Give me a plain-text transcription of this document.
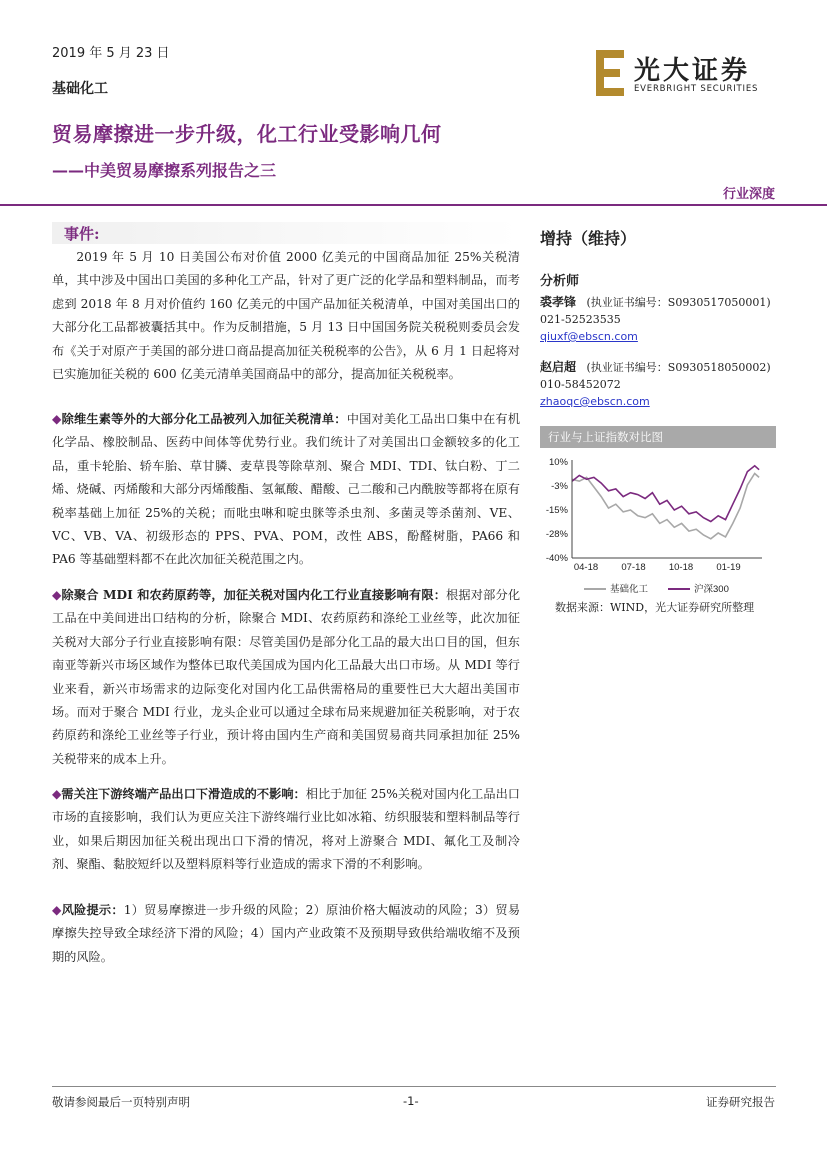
2019 年 5 月 23 日
基础化工
贸易摩擦进一步升级，化工行业受影响几何
——中美贸易摩擦系列报告之三
行业深度
光大证券
EVERBRIGHT SECURITIES
事件:

2019 年 5 月 10 日美国公布对价值 2000 亿美元的中国商品加征 25%关税清单，其中涉及中国出口美国的多种化工产品，针对了更广泛的化学品和塑料制品，而考虑到 2018 年 8 月对价值约 160 亿美元的中国产品加征关税清单，中国对美国出口的大部分化工品都被囊括其中。作为反制措施，5 月 13 日中国国务院关税税则委员会发布《关于对原产于美国的部分进口商品提高加征关税税率的公告》，从 6 月 1 日起将对已实施加征关税的 600 亿美元清单美国商品中的部分，提高加征关税税率。

◆除维生素等外的大部分化工品被列入加征关税清单：中国对美化工品出口集中在有机化学品、橡胶制品、医药中间体等优势行业。我们统计了对美国出口金额较多的化工品，重卡轮胎、轿车胎、草甘膦、麦草畏等除草剂、聚合 MDI、TDI、钛白粉、丁二烯、烧碱、丙烯酸和大部分丙烯酸酯、氢氟酸、醋酸、己二酸和己内酰胺等都将在原有税率基础上加征 25%的关税；而吡虫啉和啶虫脒等杀虫剂、多菌灵等杀菌剂、VE、VC、VB、VA、初级形态的 PPS、PVA、POM，改性 ABS，酚醛树脂，PA66 和 PA6 等基础塑料都不在此次加征关税范围之内。

◆除聚合 MDI 和农药原药等，加征关税对国内化工行业直接影响有限：根据对部分化工品在中美间进出口结构的分析，除聚合 MDI、农药原药和涤纶工业丝等，此次加征关税对大部分子行业直接影响有限：尽管美国仍是部分化工品的最大出口目的国，但东南亚等新兴市场区域作为整体已取代美国成为国内化工品最大出口市场。从 MDI 等行业来看，新兴市场需求的边际变化对国内化工品供需格局的重要性已大大超出美国市场。而对于聚合 MDI 行业，龙头企业可以通过全球布局来规避加征关税影响，对于农药原药和涤纶工业丝等子行业，预计将由国内生产商和美国贸易商共同承担加征 25%关税带来的成本上升。

◆需关注下游终端产品出口下滑造成的不影响：相比于加征 25%关税对国内化工品出口市场的直接影响，我们认为更应关注下游终端行业比如冰箱、纺织服装和塑料制品等行业，如果后期因加征关税出现出口下滑的情况，将对上游聚合 MDI、氟化工及制冷剂、聚酯、黏胶短纤以及塑料原料等行业造成的需求下滑的不利影响。

◆风险提示：1）贸易摩擦进一步升级的风险；2）原油价格大幅波动的风险；3）贸易摩擦失控导致全球经济下滑的风险；4）国内产业政策不及预期导致供给端收缩不及预期的风险。

增持（维持）
分析师
裘孝锋 (执业证书编号：S0930517050001)
021-52523535
qiuxf@ebscn.com
赵启超 (执业证书编号：S0930518050002)
010-58452072
zhaoqc@ebscn.com
行业与上证指数对比图
10%
-3%
-15%
-28%
-40%
04-18 07-18 10-18 01-19
基础化工	沪深300
数据来源：WIND，光大证券研究所整理
敬请参阅最后一页特别声明	-1-	证券研究报告
